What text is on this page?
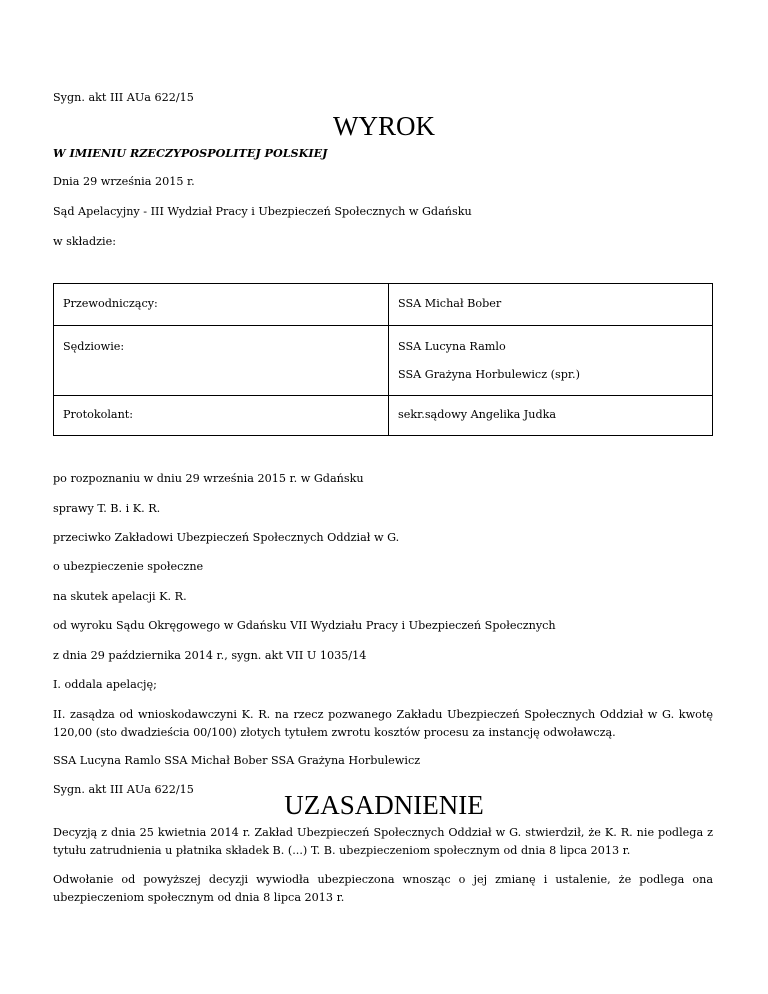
Sygn. akt III AUa 622/15
WYROK
W IMIENIU RZECZYPOSPOLITEJ POLSKIEJ
Dnia 29 września 2015 r.
Sąd Apelacyjny - III Wydział Pracy i Ubezpieczeń Społecznych w Gdańsku
w składzie:
Przewodniczący:	SSA Michał Bober

Sędziowie:	SSA Lucyna Ramlo
SSA Grażyna Horbulewicz (spr.)

Protokolant:	sekr.sądowy Angelika Judka
po rozpoznaniu w dniu 29 września 2015 r. w Gdańsku
sprawy T. B. i K. R.
przeciwko Zakładowi Ubezpieczeń Społecznych Oddział w G.
o ubezpieczenie społeczne
na skutek apelacji K. R.
od wyroku Sądu Okręgowego w Gdańsku VII Wydziału Pracy i Ubezpieczeń Społecznych
z dnia 29 października 2014 r., sygn. akt VII U 1035/14
I. oddala apelację;
II. zasądza od wnioskodawczyni K. R. na rzecz pozwanego Zakładu Ubezpieczeń Społecznych Oddział w G. kwotę 120,00 (sto dwadzieścia 00/100) złotych tytułem zwrotu kosztów procesu za instancję odwoławczą.
SSA Lucyna Ramlo SSA Michał Bober SSA Grażyna Horbulewicz
Sygn. akt III AUa 622/15
UZASADNIENIE
Decyzją z dnia 25 kwietnia 2014 r. Zakład Ubezpieczeń Społecznych Oddział w G. stwierdził, że K. R. nie podlega z tytułu zatrudnienia u płatnika składek B. (...) T. B. ubezpieczeniom społecznym od dnia 8 lipca 2013 r.
Odwołanie od powyższej decyzji wywiodła ubezpieczona wnosząc o jej zmianę i ustalenie, że podlega ona ubezpieczeniom społecznym od dnia 8 lipca 2013 r.
